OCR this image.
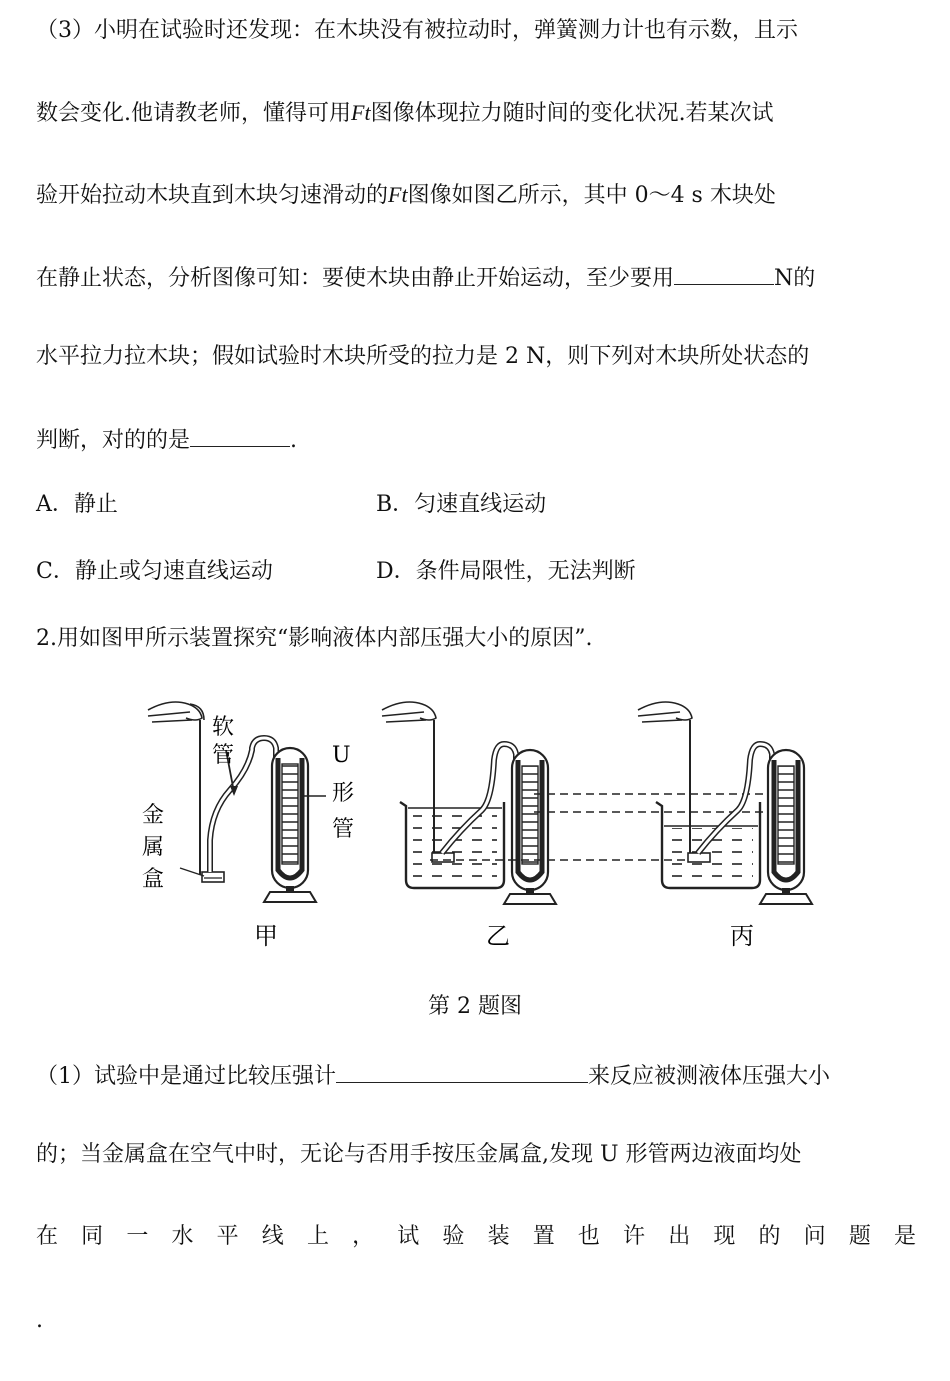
（3）小明在试验时还发现：在木块没有被拉动时，弹簧测力计也有示数，且示
数会变化.他请教老师，懂得可用Ft图像体现拉力随时间的变化状况.若某次试
验开始拉动木块直到木块匀速滑动的Ft图像如图乙所示，其中 0～4 s 木块处
在静止状态，分析图像可知：要使木块由静止开始运动，至少要用	N的
水平拉力拉木块；假如试验时木块所受的拉力是 2 N，则下列对木块所处状态的
判断，对的的是	.
A．静止	B．匀速直线运动
C．静止或匀速直线运动	D．条件局限性，无法判断
2.用如图甲所示装置探究“影响液体内部压强大小的原因”.
（1）试验中是通过比较压强计	来反应被测液体压强大小
的；当金属盒在空气中时，无论与否用手按压金属盒,发现 U 形管两边液面均处
在 同 一 水 平 线 上 ， 试 验 装 置 也 许 出 现 的 问 题 是
.
软
管	U
形
管
金
属
盒
甲	乙	丙
第 2 题图
